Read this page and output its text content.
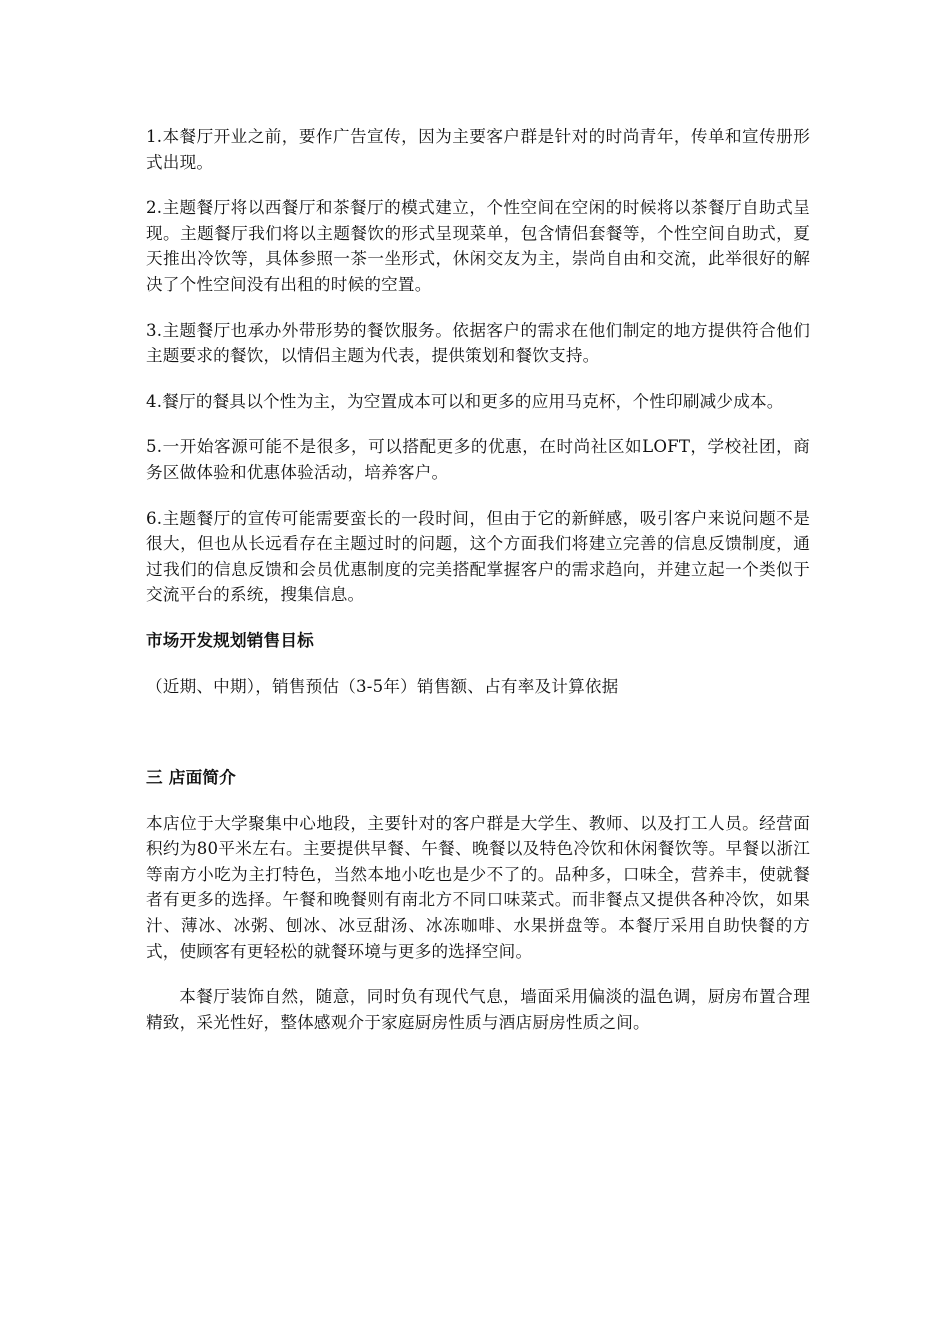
1.本餐厅开业之前，要作广告宣传，因为主要客户群是针对的时尚青年，传单和宣传册形式出现。

2.主题餐厅将以西餐厅和茶餐厅的模式建立，个性空间在空闲的时候将以茶餐厅自助式呈现。主题餐厅我们将以主题餐饮的形式呈现菜单，包含情侣套餐等，个性空间自助式，夏天推出冷饮等，具体参照一茶一坐形式，休闲交友为主，崇尚自由和交流，此举很好的解决了个性空间没有出租的时候的空置。

3.主题餐厅也承办外带形势的餐饮服务。依据客户的需求在他们制定的地方提供符合他们主题要求的餐饮，以情侣主题为代表，提供策划和餐饮支持。

4.餐厅的餐具以个性为主，为空置成本可以和更多的应用马克杯，个性印刷减少成本。

5.一开始客源可能不是很多，可以搭配更多的优惠，在时尚社区如LOFT，学校社团，商务区做体验和优惠体验活动，培养客户。

6.主题餐厅的宣传可能需要蛮长的一段时间，但由于它的新鲜感，吸引客户来说问题不是很大，但也从长远看存在主题过时的问题，这个方面我们将建立完善的信息反馈制度，通过我们的信息反馈和会员优惠制度的完美搭配掌握客户的需求趋向，并建立起一个类似于交流平台的系统，搜集信息。

市场开发规划销售目标

（近期、中期），销售预估（3-5年）销售额、占有率及计算依据

三 店面简介

本店位于大学聚集中心地段，主要针对的客户群是大学生、教师、以及打工人员。经营面积约为80平米左右。主要提供早餐、午餐、晚餐以及特色冷饮和休闲餐饮等。早餐以浙江等南方小吃为主打特色，当然本地小吃也是少不了的。品种多，口味全，营养丰，使就餐者有更多的选择。午餐和晚餐则有南北方不同口味菜式。而非餐点又提供各种冷饮，如果汁、薄冰、冰粥、刨冰、冰豆甜汤、冰冻咖啡、水果拼盘等。本餐厅采用自助快餐的方式，使顾客有更轻松的就餐环境与更多的选择空间。

本餐厅装饰自然，随意，同时负有现代气息，墙面采用偏淡的温色调，厨房布置合理精致，采光性好，整体感观介于家庭厨房性质与酒店厨房性质之间。
